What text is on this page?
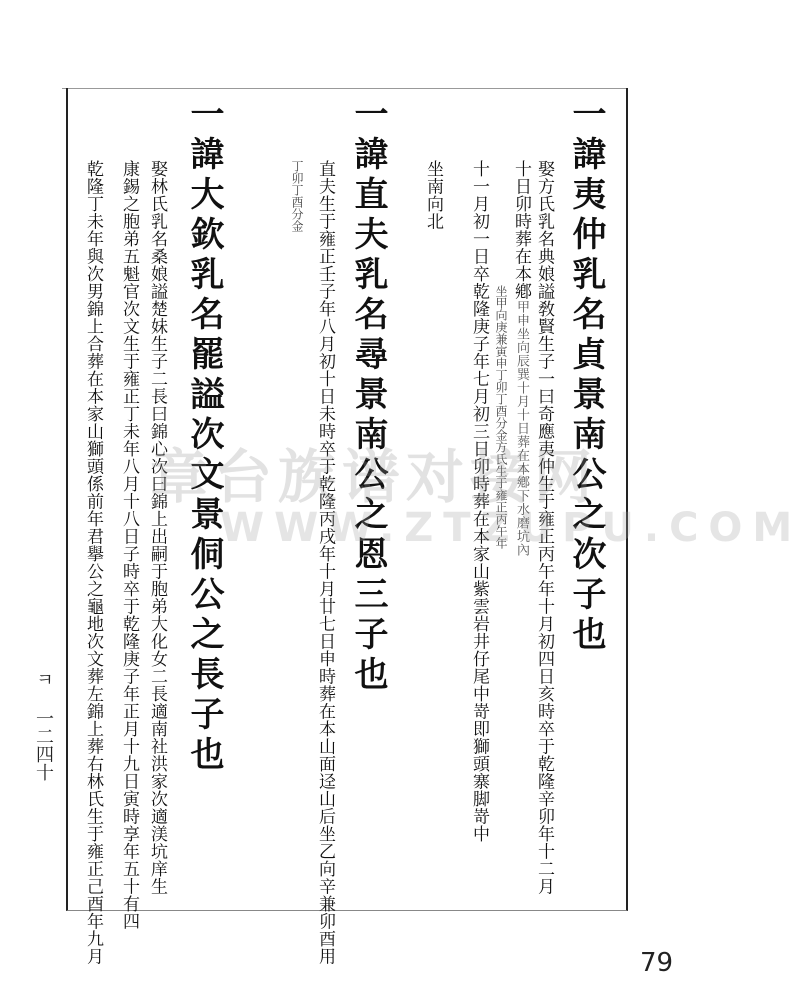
一諱夷仲乳名貞景南公之次子也
娶方氏乳名典娘謚敎賢生子一曰奇應夷仲生于雍正丙午年十月初四日亥時卒于乾隆辛卯年十二月
十日卯時葬在本鄕甲申坐向辰巽十月十日葬在本鄕下水磨坑內
坐甲向庚兼寅申丁卯丁酉分金方氏生于雍正丙午年
十一月初一日卒乾隆庚子年七月初三日卯時葬在本家山紫雲岩井仔尾中嵜即獅頭寨脚嵜中
坐南向北
一諱直夫乳名尋景南公之恩三子也
直夫生于雍正壬子年八月初十日未時卒于乾隆丙戌年十月廿七日申時葬在本山面迳山后坐乙向辛兼卯酉用
丁卯丁酉分金
一諱大欽乳名罷謚次文景侗公之長子也
娶林氏乳名桑娘謚楚妹生子二長曰錦心次曰錦上出嗣于胞弟大化女二長適南社洪家次適渼坑庠生
康錫之胞弟五魁官次文生于雍正丁未年八月十八日子時卒于乾隆庚子年正月十九日寅時享年五十有四
乾隆丁未年與次男錦上合葬在本家山獅頭係前年君擧公之龜地次文葬左錦上葬右林氏生于雍正己酉年九月 章台族谱对接网
WWW.ZTZUPU.COM
ㅋ 一二四十
79
